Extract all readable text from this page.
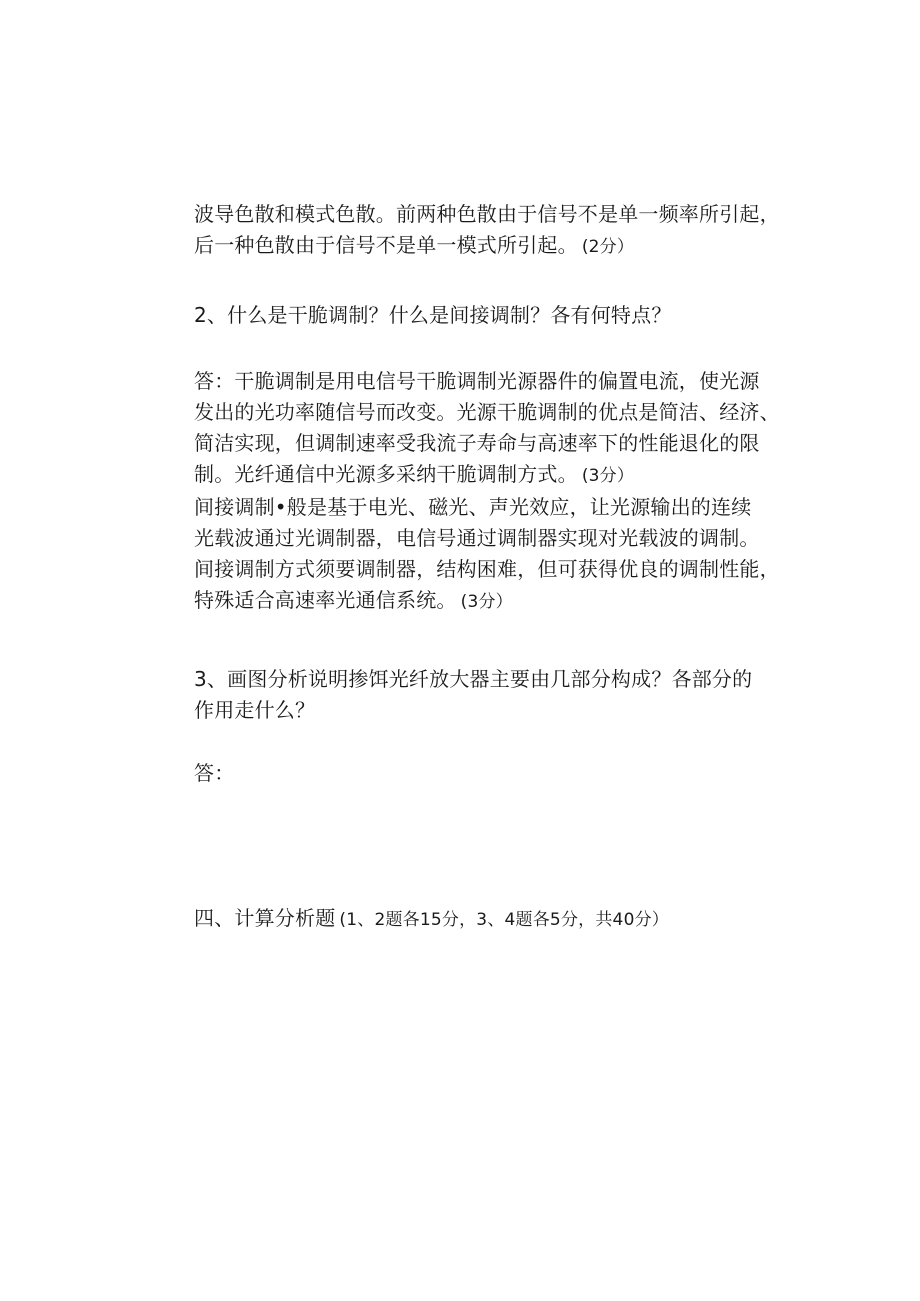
波导色散和模式色散。前两种色散由于信号不是单一频率所引起，
后一种色散由于信号不是单一模式所引起。 (2分）
2、什么是干脆调制？什么是间接调制？各有何特点？
答：干脆调制是用电信号干脆调制光源器件的偏置电流，使光源
发出的光功率随信号而改变。光源干脆调制的优点是简洁、经济、
简洁实现，但调制速率受我流子寿命与高速率下的性能退化的限
制。光纤通信中光源多采纳干脆调制方式。 (3分）
间接调制•般是基于电光、磁光、声光效应，让光源输出的连续
光载波通过光调制器，电信号通过调制器实现对光载波的调制。
间接调制方式须要调制器，结构困难，但可获得优良的调制性能，
特殊适合高速率光通信系统。 (3分）
3、画图分析说明掺饵光纤放大器主要由几部分构成？各部分的
作用走什么？
答：
四、计算分析题 (1、2题各15分，3、4题各5分，共40分）
